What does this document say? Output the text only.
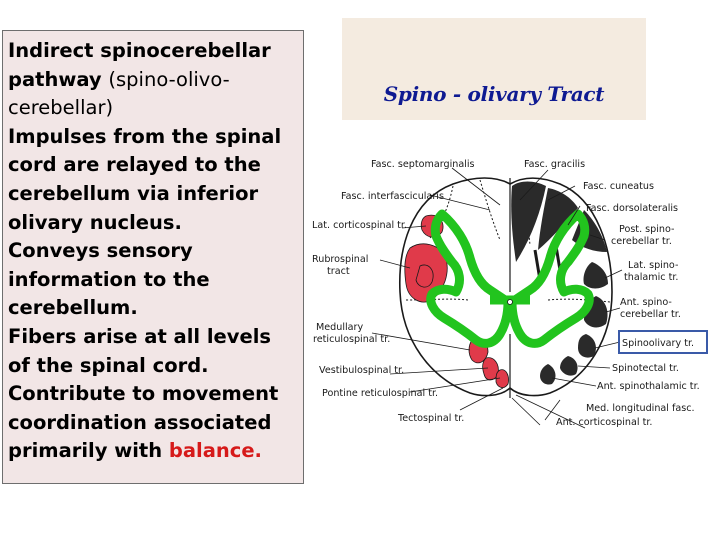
Indirect spinocerebellar

pathway (spino-olivo-

cerebellar)

Impulses from the spinal

cord are relayed to the

cerebellum via inferior

olivary nucleus.

Conveys sensory

information to the

cerebellum.

Fibers arise at all levels

of the spinal cord.

Contribute to movement

coordination associated

primarily with balance.

Spino - olivary Tract
Fasc. septomarginalis	Fasc. gracilis
Fasc. interfascicularis
Fasc. cuneatus
Fasc. dorsolateralis
Lat. corticospinal tr.	Post. spino-
cerebellar tr.
Rubrospinal
tract
Lat. spino-
thalamic tr.
Ant. spino-
cerebellar tr.
Medullary
reticulospinal tr.	Spinoolivary tr.
Vestibulospinal tr.	Spinotectal tr.
Pontine reticulospinal tr.
Ant. spinothalamic tr.
Med. longitudinal fasc.
Tectospinal tr.	Ant. corticospinal tr.
